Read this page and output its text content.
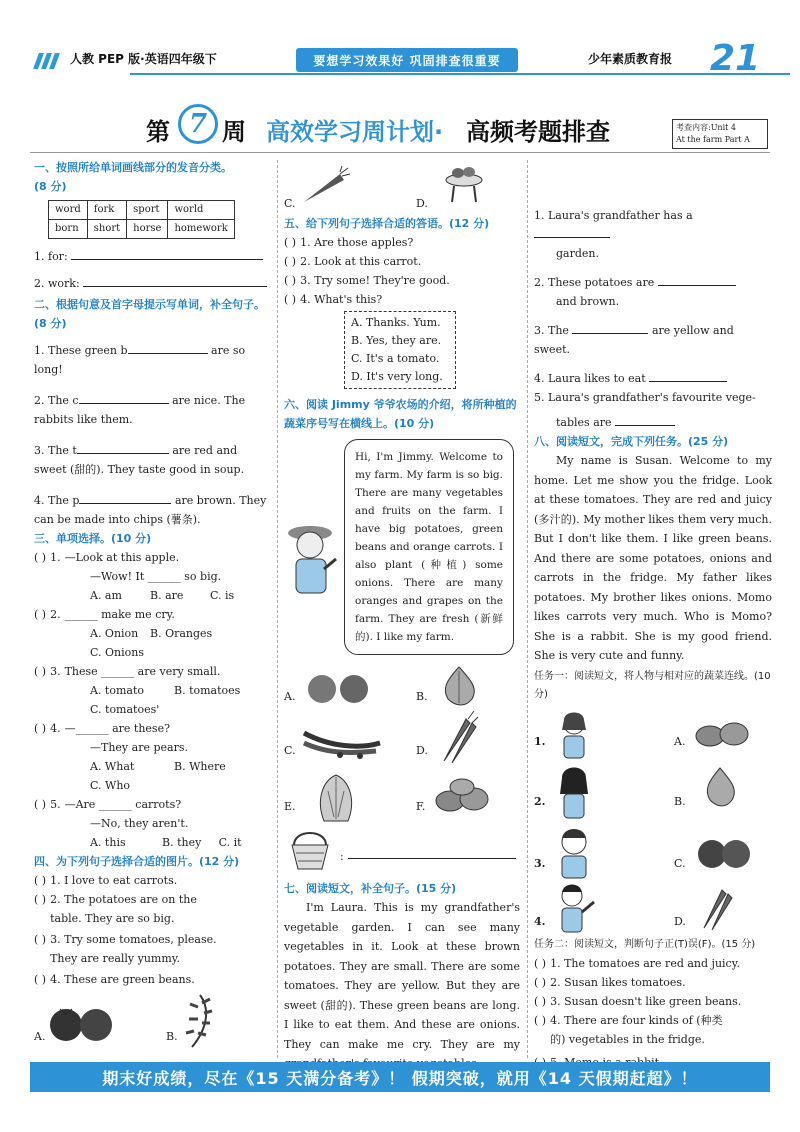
人教 PEP 版·英语四年级下	要想学习效果好 巩固排查很重要	少年素质教育报 21
第 7 周 高效学习周计划· 高频考题排查	考查内容:Unit 4
At the farm Part A
一、按照所给单词画线部分的发音分类。
(8 分)
word	fork	sport	world
born	short	horse	homework
1. for:
2. work:
二、根据句意及首字母提示写单词，补全句子。(8 分)
1. These green b	are so long!
2. The c	are nice. The rabbits like them.
3. The t	are red and sweet (甜的). They taste good in soup.
4. The p	are brown. They can be made into chips (薯条).
三、单项选择。(10 分)
( ) 1. —Look at this apple.
—Wow! It ______ so big.
A. am	B. are	C. is
( ) 2. ______ make me cry.
A. Onion	B. Oranges
C. Onions
( ) 3. These ______ are very small.
A. tomato	B. tomatoes
C. tomatoes'
( ) 4. —______ are these?
—They are pears.
A. What	B. Where
C. Who
( ) 5. —Are ______ carrots?
—No, they aren't.
A. this	B. they	C. it
四、为下列句子选择合适的图片。(12 分)
( ) 1. I love to eat carrots.
( ) 2. The potatoes are on the table. They are so big.
( ) 3. Try some tomatoes, please. They are really yummy.
( ) 4. These are green beans.
A.	B.
C.	D.
五、给下列句子选择合适的答语。(12 分)
( ) 1. Are those apples?
( ) 2. Look at this carrot.
( ) 3. Try some! They're good.
( ) 4. What's this?
A. Thanks. Yum.
B. Yes, they are.
C. It's a tomato.
D. It's very long.
六、阅读 Jimmy 爷爷农场的介绍，将所种植的蔬菜序号写在横线上。(10 分)
Hi, I'm Jimmy. Welcome to my farm. My farm is so big. There are many vegetables and fruits on the farm. I have big potatoes, green beans and orange carrots. I also plant (种植) some onions. There are many oranges and grapes on the farm. They are fresh (新鲜的). I like my farm.
A.	B.
C.	D.
E.	F.
:
七、阅读短文，补全句子。(15 分)
I'm Laura. This is my grandfather's vegetable garden. I can see many vegetables in it. Look at these brown potatoes. They are small. There are some tomatoes. They are yellow. But they are sweet (甜的). These green beans are long. I like to eat them. And these are onions. They can make me cry. They are my
1. Laura's grandfather has a
garden.
2. These potatoes are
and brown.
3. The	are yellow and sweet.
4. Laura likes to eat
5. Laura's grandfather's favourite vege-
tables are
八、阅读短文，完成下列任务。(25 分)
My name is Susan. Welcome to my home. Let me show you the fridge. Look at these tomatoes. They are red and juicy (多汁的). My mother likes them very much. But I don't like them. I like green beans. And there are some potatoes, onions and carrots in the fridge. My father likes potatoes. My brother likes onions. Momo likes carrots very much. Who is Momo? She is a rabbit. She is my good friend. She is very cute and funny.
任务一：阅读短文，将人物与相对应的蔬菜连线。(10 分)
1.	A.
2.	B.
3.	C.
4.	D.
任务二：阅读短文，判断句子正(T)误(F)。(15 分)
( ) 1. The tomatoes are red and juicy.
( ) 2. Susan likes tomatoes.
( ) 3. Susan doesn't like green beans.
( ) 4. There are four kinds of (种类的) vegetables in the fridge.
期末好成绩，尽在《15 天满分备考》！ 假期突破，就用《14 天假期赶超》！
